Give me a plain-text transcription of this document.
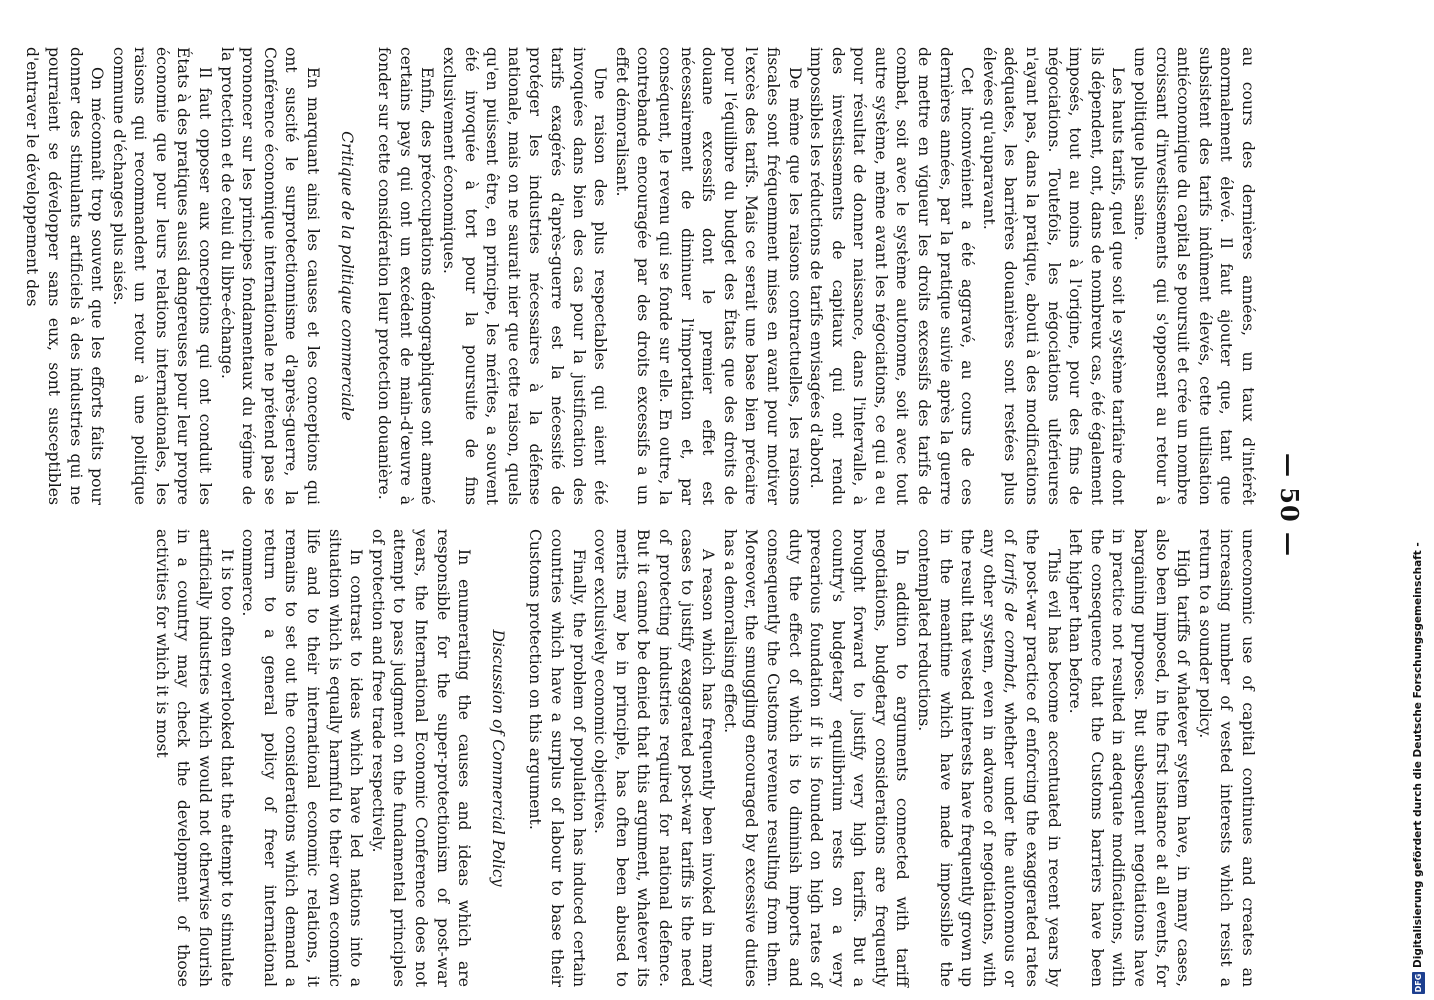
— 50 —

au cours des dernières années, un taux d'intérêt anormalement élevé. Il faut ajouter que, tant que subsistent des tarifs indûment élevés, cette utilisation antiéconomique du capital se poursuit et crée un nombre croissant d'investissements qui s'opposent au retour à une politique plus saine.

Les hauts tarifs, quel que soit le système tarifaire dont ils dépendent, ont, dans de nombreux cas, été également imposés, tout au moins à l'origine, pour des fins de négociations. Toutefois, les négociations ultérieures n'ayant pas, dans la pratique, abouti à des modifications adéquates, les barrières douanières sont restées plus élevées qu'auparavant.

Cet inconvénient a été aggravé, au cours de ces dernières années, par la pratique suivie après la guerre de mettre en vigueur les droits excessifs des tarifs de combat, soit avec le système autonome, soit avec tout autre système, même avant les négociations, ce qui a eu pour résultat de donner naissance, dans l'intervalle, à des investissements de capitaux qui ont rendu impossibles les réductions de tarifs envisagées d'abord.

De même que les raisons contractuelles, les raisons fiscales sont fréquemment mises en avant pour motiver l'excès des tarifs. Mais ce serait une base bien précaire pour l'équilibre du budget des États que des droits de douane excessifs dont le premier effet est nécessairement de diminuer l'importation et, par conséquent, le revenu qui se fonde sur elle. En outre, la contrebande encouragée par des droits excessifs a un effet démoralisant.

Une raison des plus respectables qui aient été invoquées dans bien des cas pour la justification des tarifs exagérés d'après-guerre est la nécessité de protéger les industries nécessaires à la défense nationale, mais on ne saurait nier que cette raison, quels qu'en puissent être, en principe, les mérites, a souvent été invoquée à tort pour la poursuite de fins exclusivement économiques.

Enfin, des préoccupations démographiques ont amené certains pays qui ont un excédent de main-d'œuvre à fonder sur cette considération leur protection douanière.

Critique de la politique commerciale

En marquant ainsi les causes et les conceptions qui ont suscité le surprotectionnisme d'après-guerre, la Conférence économique internationale ne prétend pas se prononcer sur les principes fondamentaux du régime de la protection et de celui du libre-échange.

Il faut opposer aux conceptions qui ont conduit les États à des pratiques aussi dangereuses pour leur propre économie que pour leurs relations internationales, les raisons qui recommandent un retour à une politique commune d'échanges plus aisés.

On méconnaît trop souvent que les efforts faits pour donner des stimulants artificiels à des industries qui ne pourraient se développer sans eux, sont susceptibles d'entraver le développement des

uneconomic use of capital continues and creates an increasing number of vested interests which resist a return to a sounder policy.

High tariffs of whatever system have, in many cases, also been imposed, in the first instance at all events, for bargaining purposes. But subsequent negotiations have in practice not resulted in adequate modifications, with the consequence that the Customs barriers have been left higher than before.

This evil has become accentuated in recent years by the post-war practice of enforcing the exaggerated rates of tarifs de combat, whether under the autonomous or any other system, even in advance of negotiations, with the result that vested interests have frequently grown up in the meantime which have made impossible the contemplated reductions.

In addition to arguments connected with tariff negotiations, budgetary considerations are frequently brought forward to justify very high tariffs. But a country's budgetary equilibrium rests on a very precarious foundation if it is founded on high rates of duty the effect of which is to diminish imports and consequently the Customs revenue resulting from them. Moreover, the smuggling encouraged by excessive duties has a demoralising effect.

A reason which has frequently been invoked in many cases to justify exaggerated post-war tariffs is the need of protecting industries required for national defence. But it cannot be denied that this argument, whatever its merits may be in principle, has often been abused to cover exclusively economic objectives.

Finally, the problem of population has induced certain countries which have a surplus of labour to base their Customs protection on this argument.

Discussion of Commercial Policy

In enumerating the causes and ideas which are responsible for the super-protectionism of post-war years, the International Economic Conference does not attempt to pass judgment on the fundamental principles of protection and free trade respectively.

In contrast to ideas which have led nations into a situation which is equally harmful to their own economic life and to their international economic relations, it remains to set out the considerations which demand a return to a general policy of freer international commerce.

It is too often overlooked that the attempt to stimulate artificially industries which would not otherwise flourish in a country may check the development of those activities for which it is most

DFG
Digitalisierung gefördert durch die Deutsche Forschungsgemeinschaft -
